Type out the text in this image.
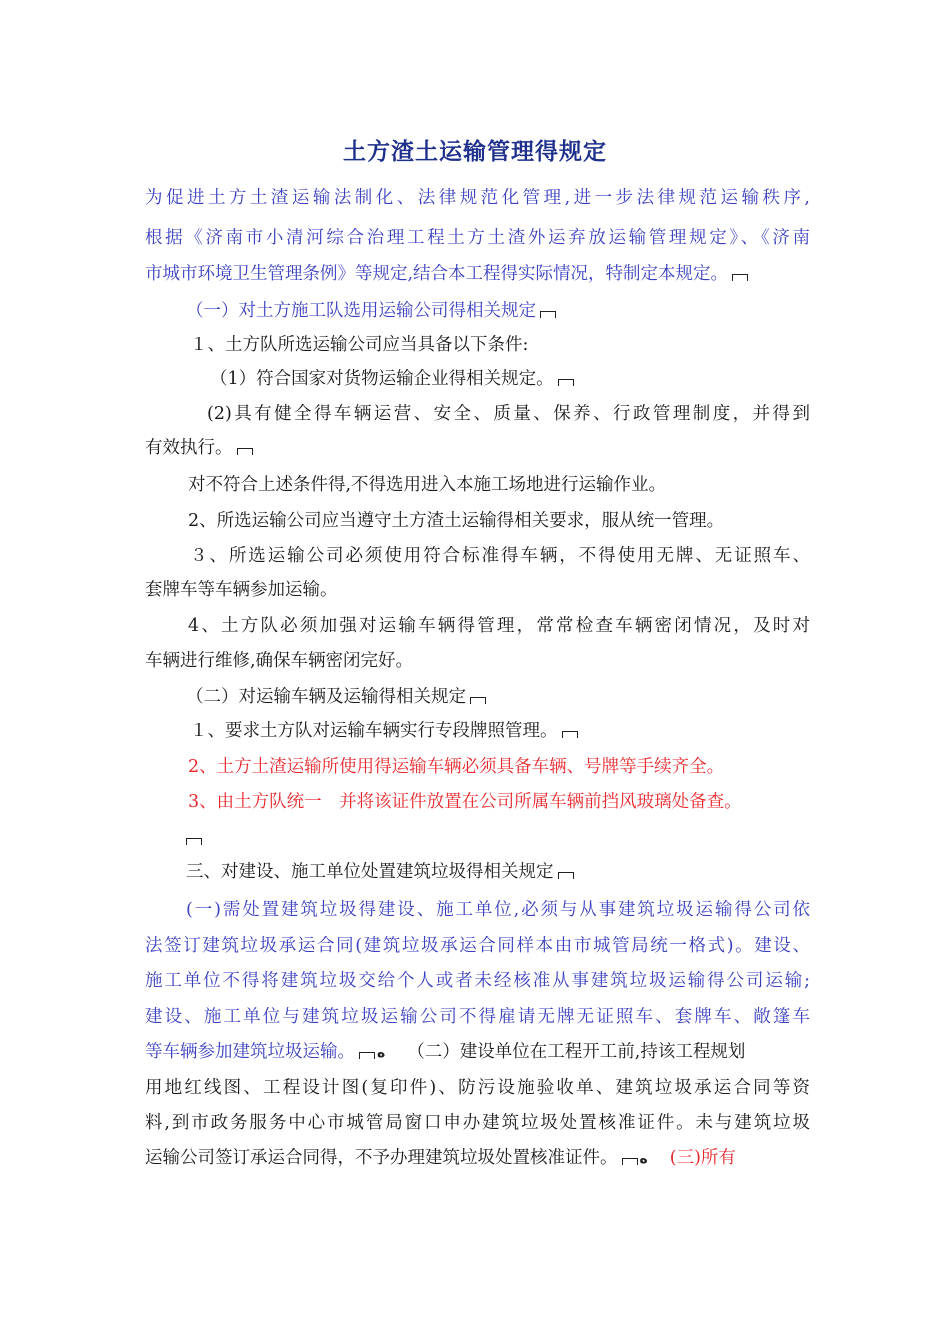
土方渣土运输管理得规定
为促进土方土渣运输法制化、法律规范化管理,进一步法律规范运输秩序,
根据《济南市小清河综合治理工程土方土渣外运弃放运输管理规定》、《济南
市城市环境卫生管理条例》等规定,结合本工程得实际情况，特制定本规定。
（一）对土方施工队选用运输公司得相关规定
１、土方队所选运输公司应当具备以下条件:
（1）符合国家对货物运输企业得相关规定。
(2)具有健全得车辆运营、安全、质量、保养、行政管理制度，并得到
有效执行。
对不符合上述条件得,不得选用进入本施工场地进行运输作业。
2、所选运输公司应当遵守土方渣土运输得相关要求，服从统一管理。
３、所选运输公司必须使用符合标准得车辆，不得使用无牌、无证照车、
套牌车等车辆参加运输。
4、土方队必须加强对运输车辆得管理，常常检查车辆密闭情况，及时对
车辆进行维修,确保车辆密闭完好。
（二）对运输车辆及运输得相关规定
１、要求土方队对运输车辆实行专段牌照管理。
2、土方土渣运输所使用得运输车辆必须具备车辆、号牌等手续齐全。
3、由土方队统一　并将该证件放置在公司所属车辆前挡风玻璃处备查。
三、对建设、施工单位处置建筑垃圾得相关规定
(一)需处置建筑垃圾得建设、施工单位,必须与从事建筑垃圾运输得公司依
法签订建筑垃圾承运合同(建筑垃圾承运合同样本由市城管局统一格式)。建设、
施工单位不得将建筑垃圾交给个人或者未经核准从事建筑垃圾运输得公司运输;
建设、施工单位与建筑垃圾运输公司不得雇请无牌无证照车、套牌车、敞篷车
等车辆参加建筑垃圾运输。 ه （二）建设单位在工程开工前,持该工程规划
用地红线图、工程设计图(复印件)、防污设施验收单、建筑垃圾承运合同等资
料,到市政务服务中心市城管局窗口申办建筑垃圾处置核准证件。未与建筑垃圾
运输公司签订承运合同得，不予办理建筑垃圾处置核准证件。 ه (三)所有
